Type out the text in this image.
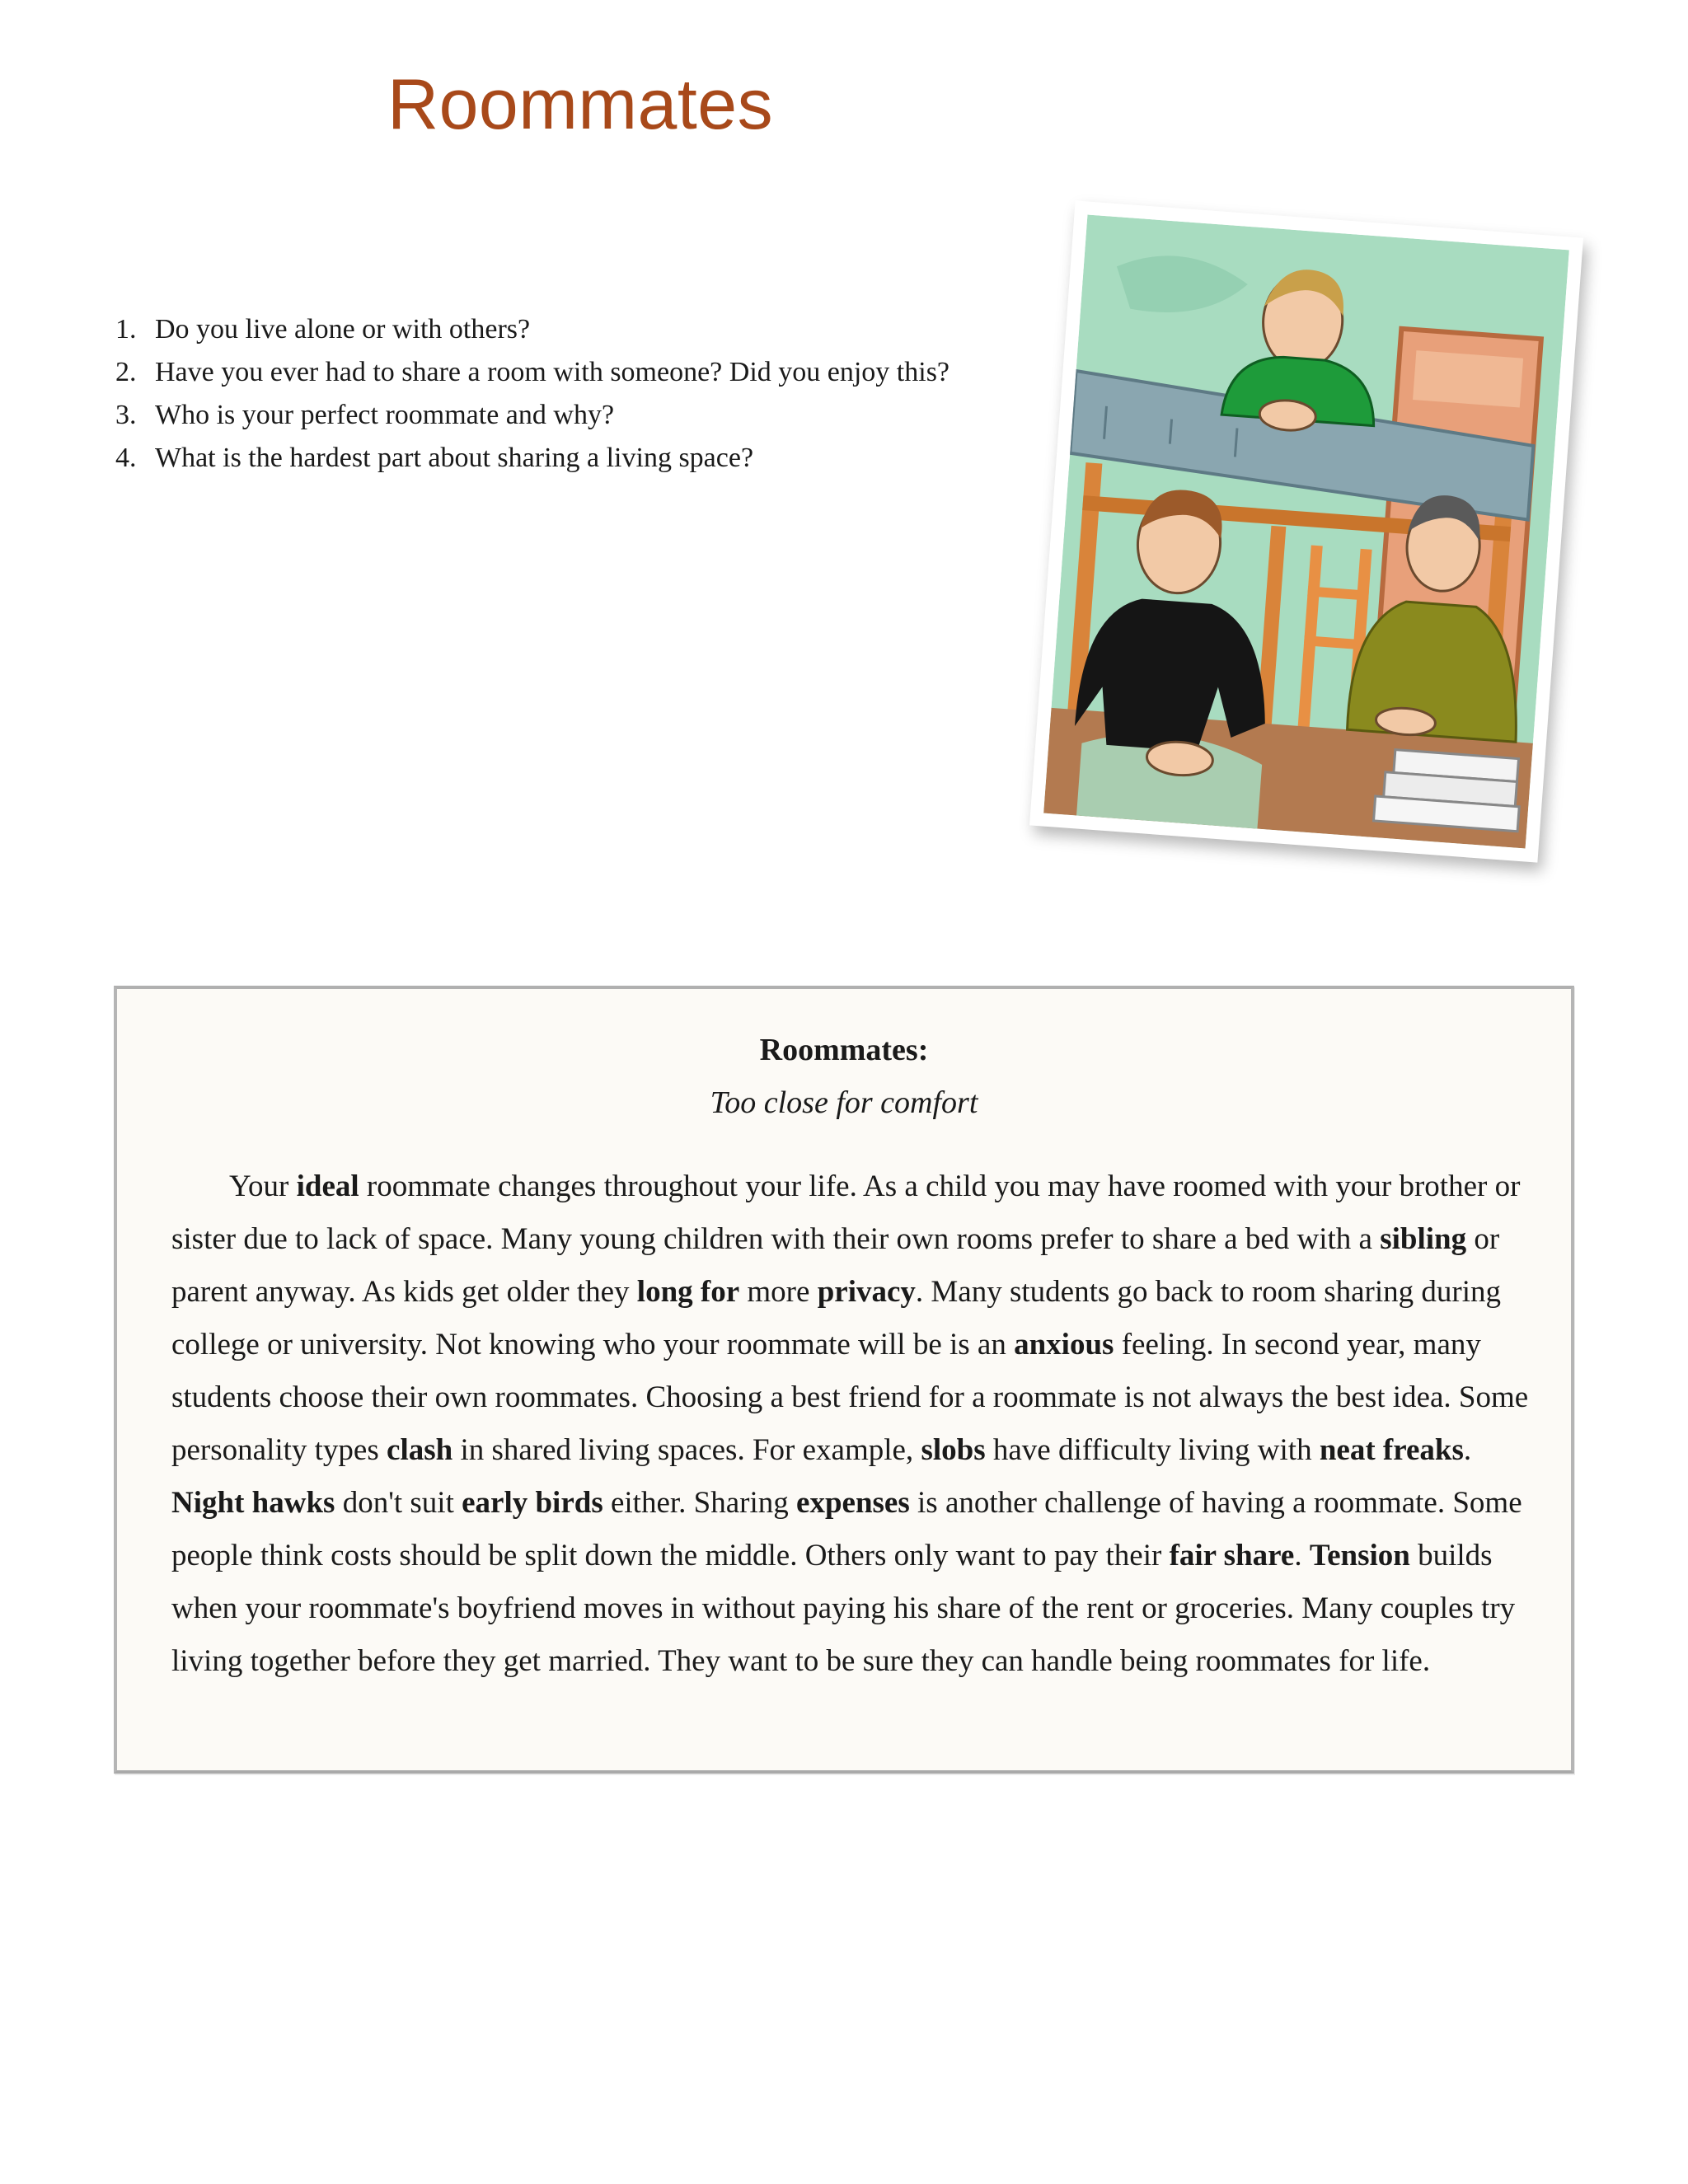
Roommates
1. Do you live alone or with others?
2. Have you ever had to share a room with someone? Did you enjoy this?
3. Who is your perfect roommate and why?
4. What is the hardest part about sharing a living space?
Roommates:

Too close for comfort

Your ideal roommate changes throughout your life. As a child you may have roomed with your brother or sister due to lack of space. Many young children with their own rooms prefer to share a bed with a sibling or parent anyway. As kids get older they long for more privacy. Many students go back to room sharing during college or university. Not knowing who your roommate will be is an anxious feeling. In second year, many students choose their own roommates. Choosing a best friend for a roommate is not always the best idea. Some personality types clash in shared living spaces. For example, slobs have difficulty living with neat freaks. Night hawks don't suit early birds either. Sharing expenses is another challenge of having a roommate. Some people think costs should be split down the middle. Others only want to pay their fair share. Tension builds when your roommate's boyfriend moves in without paying his share of the rent or groceries. Many couples try living together before they get married. They want to be sure they can handle being roommates for life.
